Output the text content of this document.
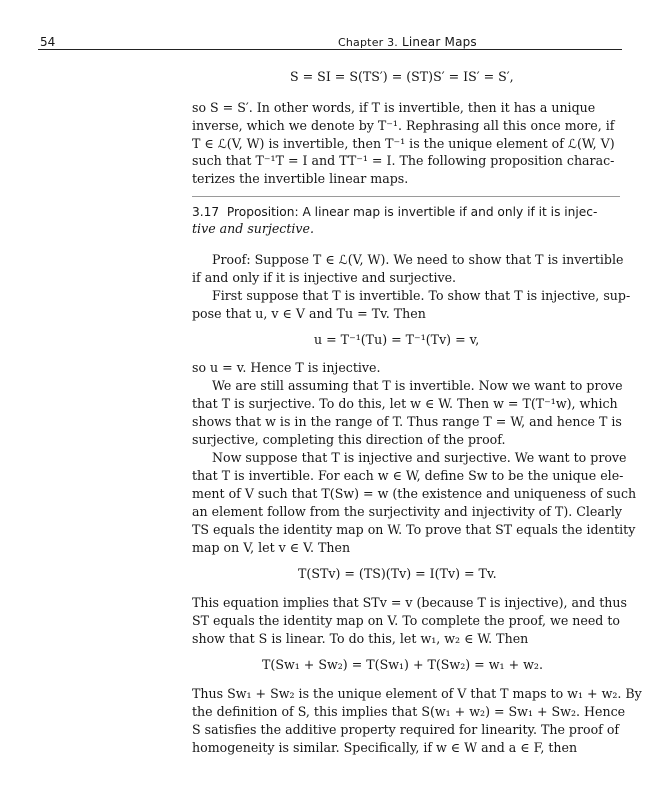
54	Chapter 3. Linear Maps
S = SI = S(TS′) = (ST)S′ = IS′ = S′,
so S = S′. In other words, if T is invertible, then it has a unique
inverse, which we denote by T⁻¹. Rephrasing all this once more, if
T ∈ ℒ(V, W) is invertible, then T⁻¹ is the unique element of ℒ(W, V)
such that T⁻¹T = I and TT⁻¹ = I. The following proposition charac-
terizes the invertible linear maps.
3.17  Proposition: A linear map is invertible if and only if it is injec-
tive and surjective.
Proof: Suppose T ∈ ℒ(V, W). We need to show that T is invertible
if and only if it is injective and surjective.
First suppose that T is invertible. To show that T is injective, sup-
pose that u, v ∈ V and Tu = Tv. Then
u = T⁻¹(Tu) = T⁻¹(Tv) = v,
so u = v. Hence T is injective.
We are still assuming that T is invertible. Now we want to prove
that T is surjective. To do this, let w ∈ W. Then w = T(T⁻¹w), which
shows that w is in the range of T. Thus range T = W, and hence T is
surjective, completing this direction of the proof.
Now suppose that T is injective and surjective. We want to prove
that T is invertible. For each w ∈ W, define Sw to be the unique ele-
ment of V such that T(Sw) = w (the existence and uniqueness of such
an element follow from the surjectivity and injectivity of T). Clearly
TS equals the identity map on W. To prove that ST equals the identity
map on V, let v ∈ V. Then
T(STv) = (TS)(Tv) = I(Tv) = Tv.
This equation implies that STv = v (because T is injective), and thus
ST equals the identity map on V. To complete the proof, we need to
show that S is linear. To do this, let w₁, w₂ ∈ W. Then
T(Sw₁ + Sw₂) = T(Sw₁) + T(Sw₂) = w₁ + w₂.
Thus Sw₁ + Sw₂ is the unique element of V that T maps to w₁ + w₂. By
the definition of S, this implies that S(w₁ + w₂) = Sw₁ + Sw₂. Hence
S satisfies the additive property required for linearity. The proof of
homogeneity is similar. Specifically, if w ∈ W and a ∈ F, then
